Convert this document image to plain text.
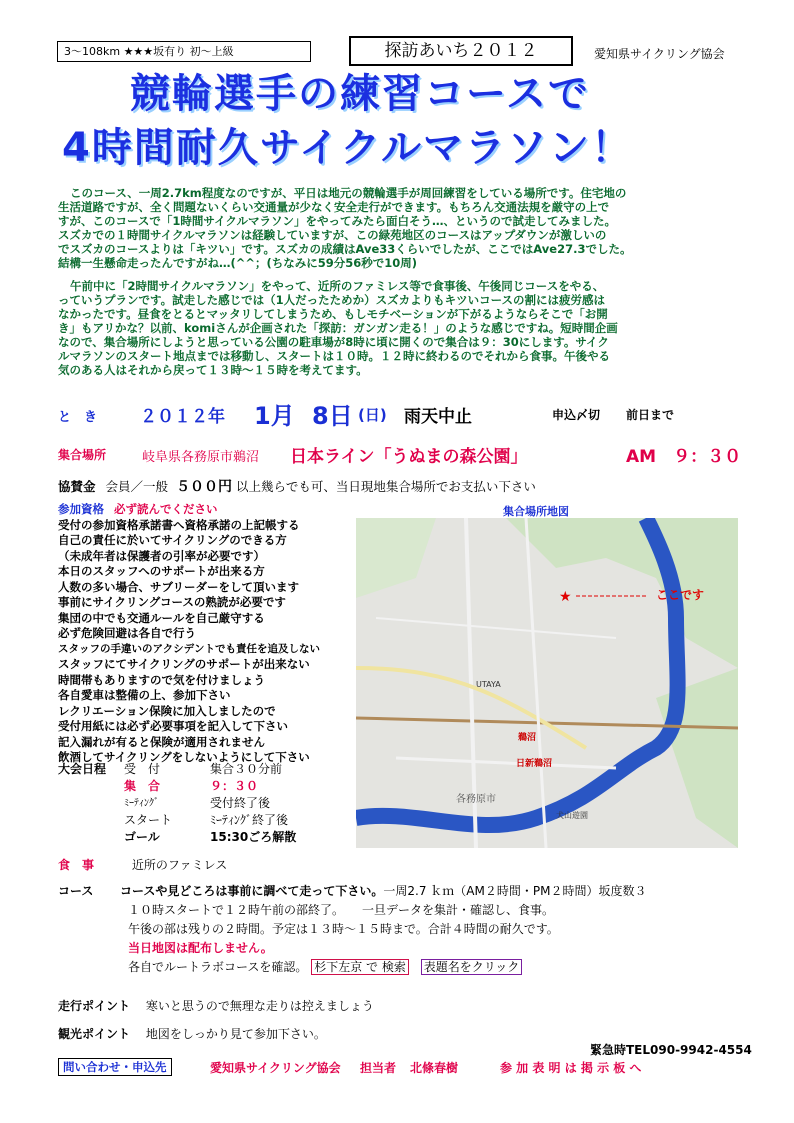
3～108km ★★★坂有り 初～上級	探訪あいち２０１２	愛知県サイクリング協会
競輪選手の練習コースで
4時間耐久サイクルマラソン！

このコース、一周2.7km程度なのですが、平日は地元の競輪選手が周回練習をしている場所です。住宅地の

生活道路ですが、全く問題ないくらい交通量が少なく安全走行ができます。もちろん交通法規を厳守の上で

すが、このコースで「1時間サイクルマラソン」をやってみたら面白そう…、というので試走してみました。

スズカでの１時間サイクルマラソンは経験していますが、この緑苑地区のコースはアップダウンが激しいの

でスズカのコースよりは「キツい」です。スズカの成績はAve33くらいでしたが、ここではAve27.3でした。

結構一生懸命走ったんですがね…(^^；(ちなみに59分56秒で10周)

午前中に「2時間サイクルマラソン」をやって、近所のファミレス等で食事後、午後同じコースをやる、

っていうプランです。試走した感じでは（1人だったためか）スズカよりもキツいコースの割には疲労感は

なかったです。昼食をとるとマッタリしてしまうため、もしモチベーションが下がるようならそこで「お開

き」もアリかな？以前、komiさんが企画された「探訪：ガンガン走る！」のような感じですね。短時間企画

なので、集合場所にしようと思っている公園の駐車場が8時に頃に開くので集合は９：30にします。サイク

ルマラソンのスタート地点までは移動し、スタートは１０時。１２時に終わるのでそれから食事。午後やる

気のある人はそれから戻って１３時～１５時を考えてます。

と　き	２０１２年 1月 8日 (日) 雨天中止	申込〆切 前日まで
集合場所	岐阜県各務原市鵜沼 日本ライン「うぬまの森公園」	AM　９：３０
協賛金 会員／一般 ５００円 以上幾らでも可、当日現地集合場所でお支払い下さい
参加資格 必ず読んでください
受付の参加資格承諾書へ資格承諾の上記帳する
自己の責任に於いてサイクリングのできる方
（未成年者は保護者の引率が必要です）
本日のスタッフへのサポートが出来る方
人数の多い場合、サブリーダーをして頂います
事前にサイクリングコースの熟読が必要です
集団の中でも交通ルールを自己厳守する
必ず危険回避は各自で行う
スタッフの手違いのアクシデントでも責任を追及しない
スタッフにてサイクリングのサポートが出来ない
時間帯もありますので気を付けましょう
各自愛車は整備の上、参加下さい
レクリエーション保険に加入しましたので
受付用紙には必ず必要事項を記入して下さい
記入漏れが有ると保険が適用されません
飲酒してサイクリングをしないようにして下さい
集合場所地図
★	ここです
鵜沼
日新鵜沼
各務原市
犬山遊園
UTAYA
大会日程	受　付	集合３０分前
	集　合	９：３０
	ﾐｰﾃｨﾝｸﾞ	受付終了後
	スタート	ﾐｰﾃｨﾝｸﾞ終了後
	ゴール	15:30ごろ解散
食　事	近所のファミレス
コース コースや見どころは事前に調べて走って下さい。一周2.7 ｋｍ（AM２時間・PM２時間）坂度数３
１０時スタートで１２時午前の部終了。　　一旦データを集計・確認し、食事。
午後の部は残りの２時間。予定は１３時～１５時まで。合計４時間の耐久です。
当日地図は配布しません。
各自でルートラボコースを確認。 杉下左京 で 検索 表題名をクリック
走行ポイント 寒いと思うので無理な走りは控えましょう
観光ポイント 地図をしっかり見て参加下さい。
緊急時TEL090-9942-4554
問い合わせ・申込先	愛知県サイクリング協会 担当者 北條春樹	参 加 表 明 は 掲 示 板 へ
